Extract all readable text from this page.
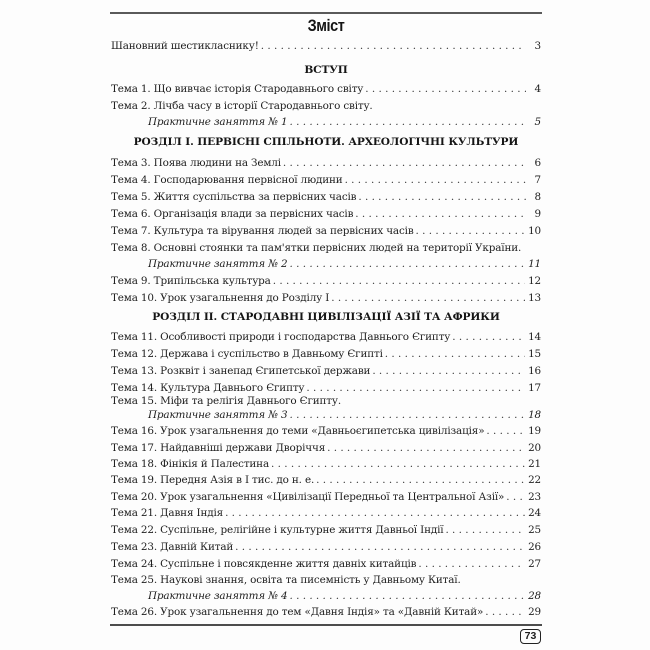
Зміст
Шановний шестикласнику! . . .	3
ВСТУП
Тема 1. Що вивчає історія Стародавнього світу . . .	4
Тема 2. Лічба часу в історії Стародавнього світу.
Практичне заняття № 1 . . .	5
РОЗДІЛ І. ПЕРВІСНІ СПІЛЬНОТИ. АРХЕОЛОГІЧНІ КУЛЬТУРИ
Тема 3. Поява людини на Землі . . .	6
Тема 4. Господарювання первісної людини . . .	7
Тема 5. Життя суспільства за первісних часів . . .	8
Тема 6. Організація влади за первісних часів . . .	9
Тема 7. Культура та вірування людей за первісних часів . . .	10
Тема 8. Основні стоянки та пам'ятки первісних людей на території України.
Практичне заняття № 2 . . .	11
Тема 9. Трипільська культура . . .	12
Тема 10. Урок узагальнення до Розділу І . . .	13
РОЗДІЛ ІІ. СТАРОДАВНІ ЦИВІЛІЗАЦІЇ АЗІЇ ТА АФРИКИ
Тема 11. Особливості природи і господарства Давнього Єгипту . . .	14
Тема 12. Держава і суспільство в Давньому Єгипті . . .	15
Тема 13. Розквіт і занепад Єгипетської держави . . .	16
Тема 14. Культура Давнього Єгипту . . .	17
Тема 15. Міфи та релігія Давнього Єгипту.
Практичне заняття № 3 . . .	18
Тема 16. Урок узагальнення до теми «Давньоєгипетська цивілізація» . . .	19
Тема 17. Найдавніші держави Дворіччя . . .	20
Тема 18. Фінікія й Палестина . . .	21
Тема 19. Передня Азія в І тис. до н. е. . . .	22
Тема 20. Урок узагальнення «Цивілізації Передньої та Центральної Азії» . . . 23
Тема 21. Давня Індія . . .	24
Тема 22. Суспільне, релігійне і культурне життя Давньої Індії . . .	25
Тема 23. Давній Китай . . .	26
Тема 24. Суспільне і повсякденне життя давніх китайців . . .	27
Тема 25. Наукові знання, освіта та писемність у Давньому Китаї.
Практичне заняття № 4 . . .	28
Тема 26. Урок узагальнення до тем «Давня Індія» та «Давній Китай» . . .	29
73
